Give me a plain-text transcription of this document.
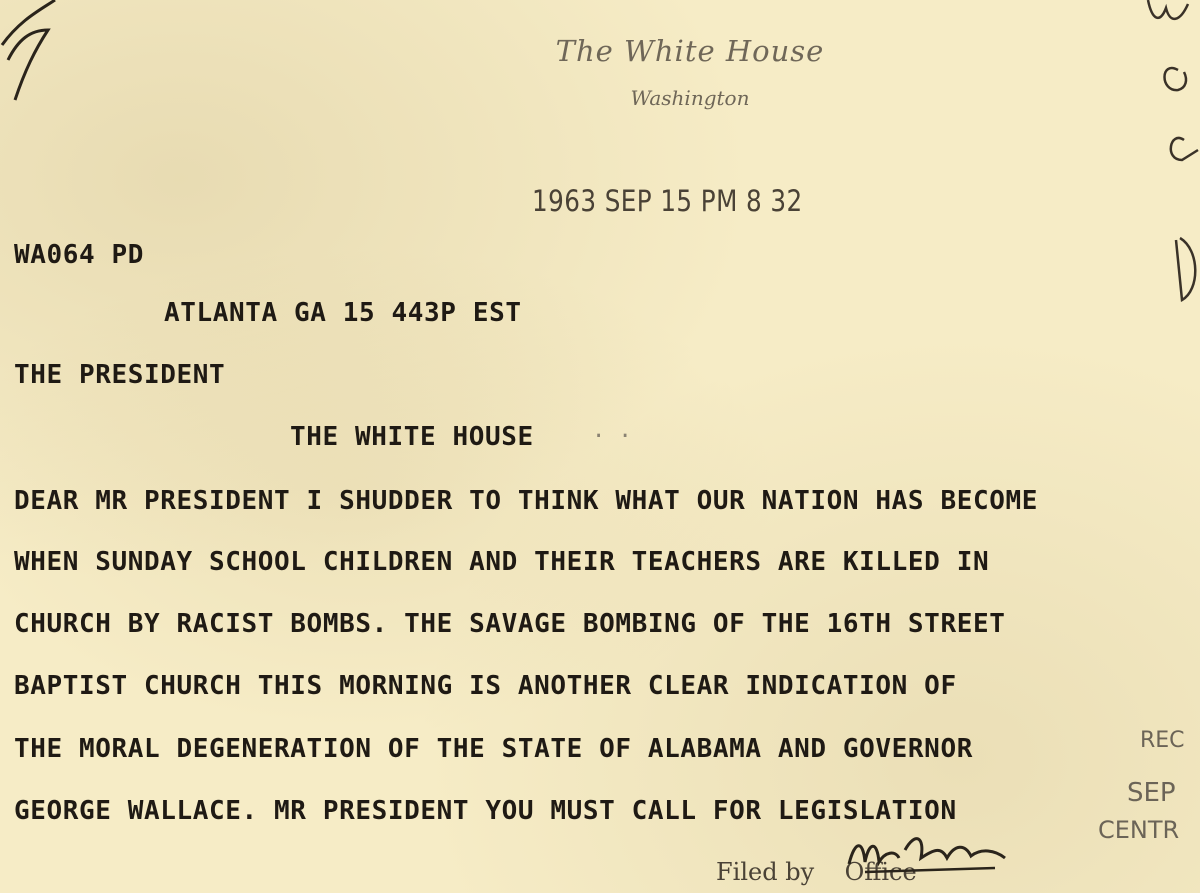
The White House
Washington
1963 SEP 15 PM 8 32
WA064 PD
ATLANTA GA 15 443P EST
THE PRESIDENT
THE WHITE HOUSE	· ·
DEAR MR PRESIDENT I SHUDDER TO THINK WHAT OUR NATION HAS BECOME
WHEN SUNDAY SCHOOL CHILDREN AND THEIR TEACHERS ARE KILLED IN
CHURCH BY RACIST BOMBS. THE SAVAGE BOMBING OF THE 16TH STREET
BAPTIST CHURCH THIS MORNING IS ANOTHER CLEAR INDICATION OF
THE MORAL DEGENERATION OF THE STATE OF ALABAMA AND GOVERNOR
GEORGE WALLACE. MR PRESIDENT YOU MUST CALL FOR LEGISLATION
REC
SEP
CENTR
Filed by Office
